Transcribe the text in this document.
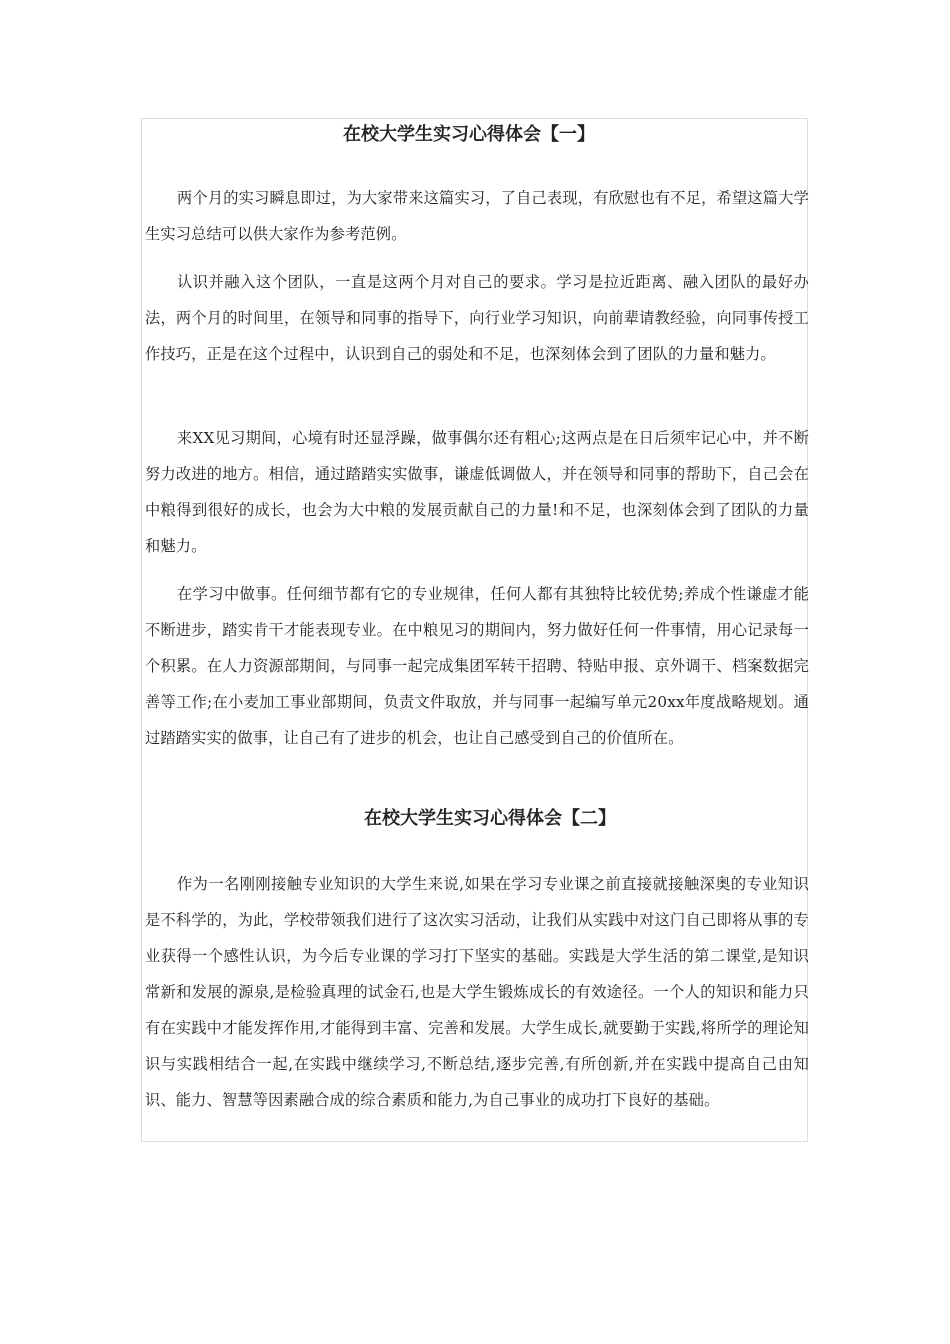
在校大学生实习心得体会【一】

两个月的实习瞬息即过，为大家带来这篇实习，了自己表现，有欣慰也有不足，希望这篇大学生实习总结可以供大家作为参考范例。

认识并融入这个团队，一直是这两个月对自己的要求。学习是拉近距离、融入团队的最好办法，两个月的时间里，在领导和同事的指导下，向行业学习知识，向前辈请教经验，向同事传授工作技巧，正是在这个过程中，认识到自己的弱处和不足，也深刻体会到了团队的力量和魅力。

来XX见习期间，心境有时还显浮躁，做事偶尔还有粗心;这两点是在日后须牢记心中，并不断努力改进的地方。相信，通过踏踏实实做事，谦虚低调做人，并在领导和同事的帮助下，自己会在中粮得到很好的成长，也会为大中粮的发展贡献自己的力量!和不足，也深刻体会到了团队的力量和魅力。

在学习中做事。任何细节都有它的专业规律，任何人都有其独特比较优势;养成个性谦虚才能不断进步，踏实肯干才能表现专业。在中粮见习的期间内，努力做好任何一件事情，用心记录每一个积累。在人力资源部期间，与同事一起完成集团军转干招聘、特贴申报、京外调干、档案数据完善等工作;在小麦加工事业部期间，负责文件取放，并与同事一起编写单元20xx年度战略规划。通过踏踏实实的做事，让自己有了进步的机会，也让自己感受到自己的价值所在。

在校大学生实习心得体会【二】

作为一名刚刚接触专业知识的大学生来说,如果在学习专业课之前直接就接触深奥的专业知识是不科学的，为此，学校带领我们进行了这次实习活动，让我们从实践中对这门自己即将从事的专业获得一个感性认识，为今后专业课的学习打下坚实的基础。实践是大学生活的第二课堂,是知识常新和发展的源泉,是检验真理的试金石,也是大学生锻炼成长的有效途径。一个人的知识和能力只有在实践中才能发挥作用,才能得到丰富、完善和发展。大学生成长,就要勤于实践,将所学的理论知识与实践相结合一起,在实践中继续学习,不断总结,逐步完善,有所创新,并在实践中提高自己由知识、能力、智慧等因素融合成的综合素质和能力,为自己事业的成功打下良好的基础。
